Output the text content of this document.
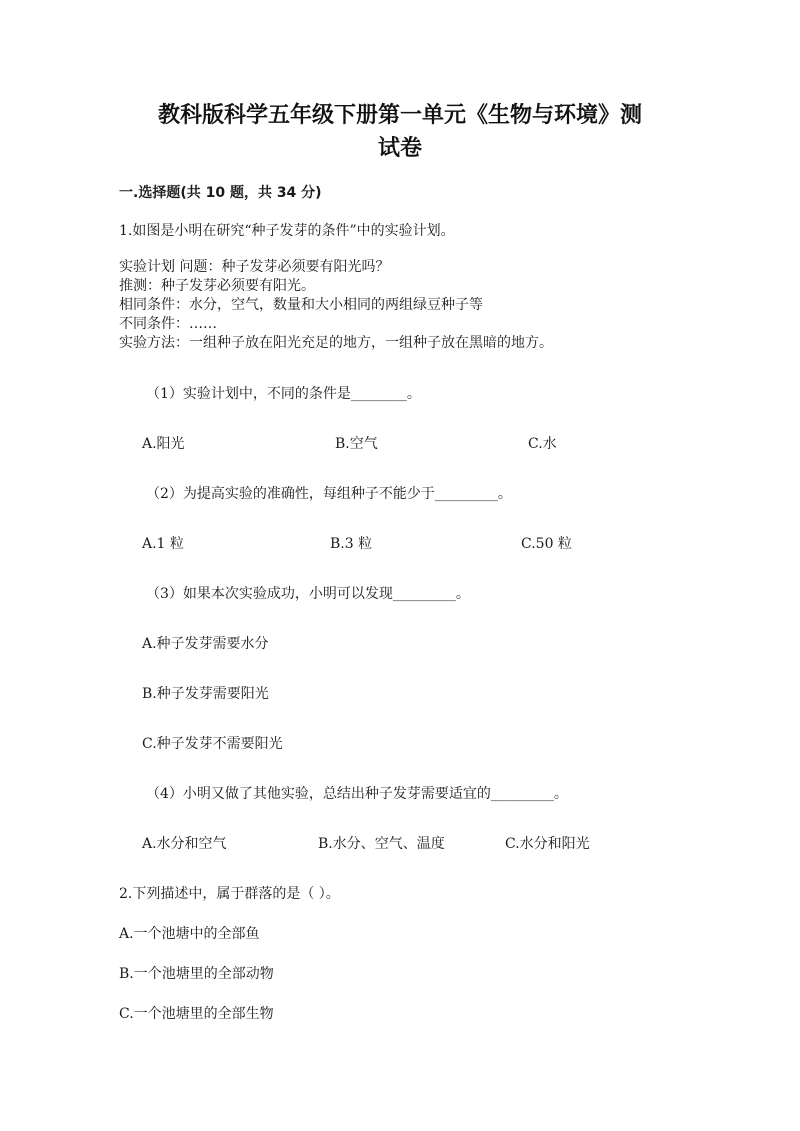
教科版科学五年级下册第一单元《生物与环境》测
试卷
一.选择题(共 10 题，共 34 分)
1.如图是小明在研究“种子发芽的条件”中的实验计划。
实验计划 问题：种子发芽必须要有阳光吗？
推测：种子发芽必须要有阳光。
相同条件：水分，空气，数量和大小相同的两组绿豆种子等
不同条件：……
实验方法：一组种子放在阳光充足的地方，一组种子放在黑暗的地方。
（1）实验计划中，不同的条件是________。
A.阳光	B.空气	C.水
（2）为提高实验的准确性，每组种子不能少于_________。
A.1 粒	B.3 粒	C.50 粒
（3）如果本次实验成功，小明可以发现_________。
A.种子发芽需要水分
B.种子发芽需要阳光
C.种子发芽不需要阳光
（4）小明又做了其他实验，总结出种子发芽需要适宜的_________。
A.水分和空气	B.水分、空气、温度	C.水分和阳光
2.下列描述中，属于群落的是（ ）。
A.一个池塘中的全部鱼
B.一个池塘里的全部动物
C.一个池塘里的全部生物
